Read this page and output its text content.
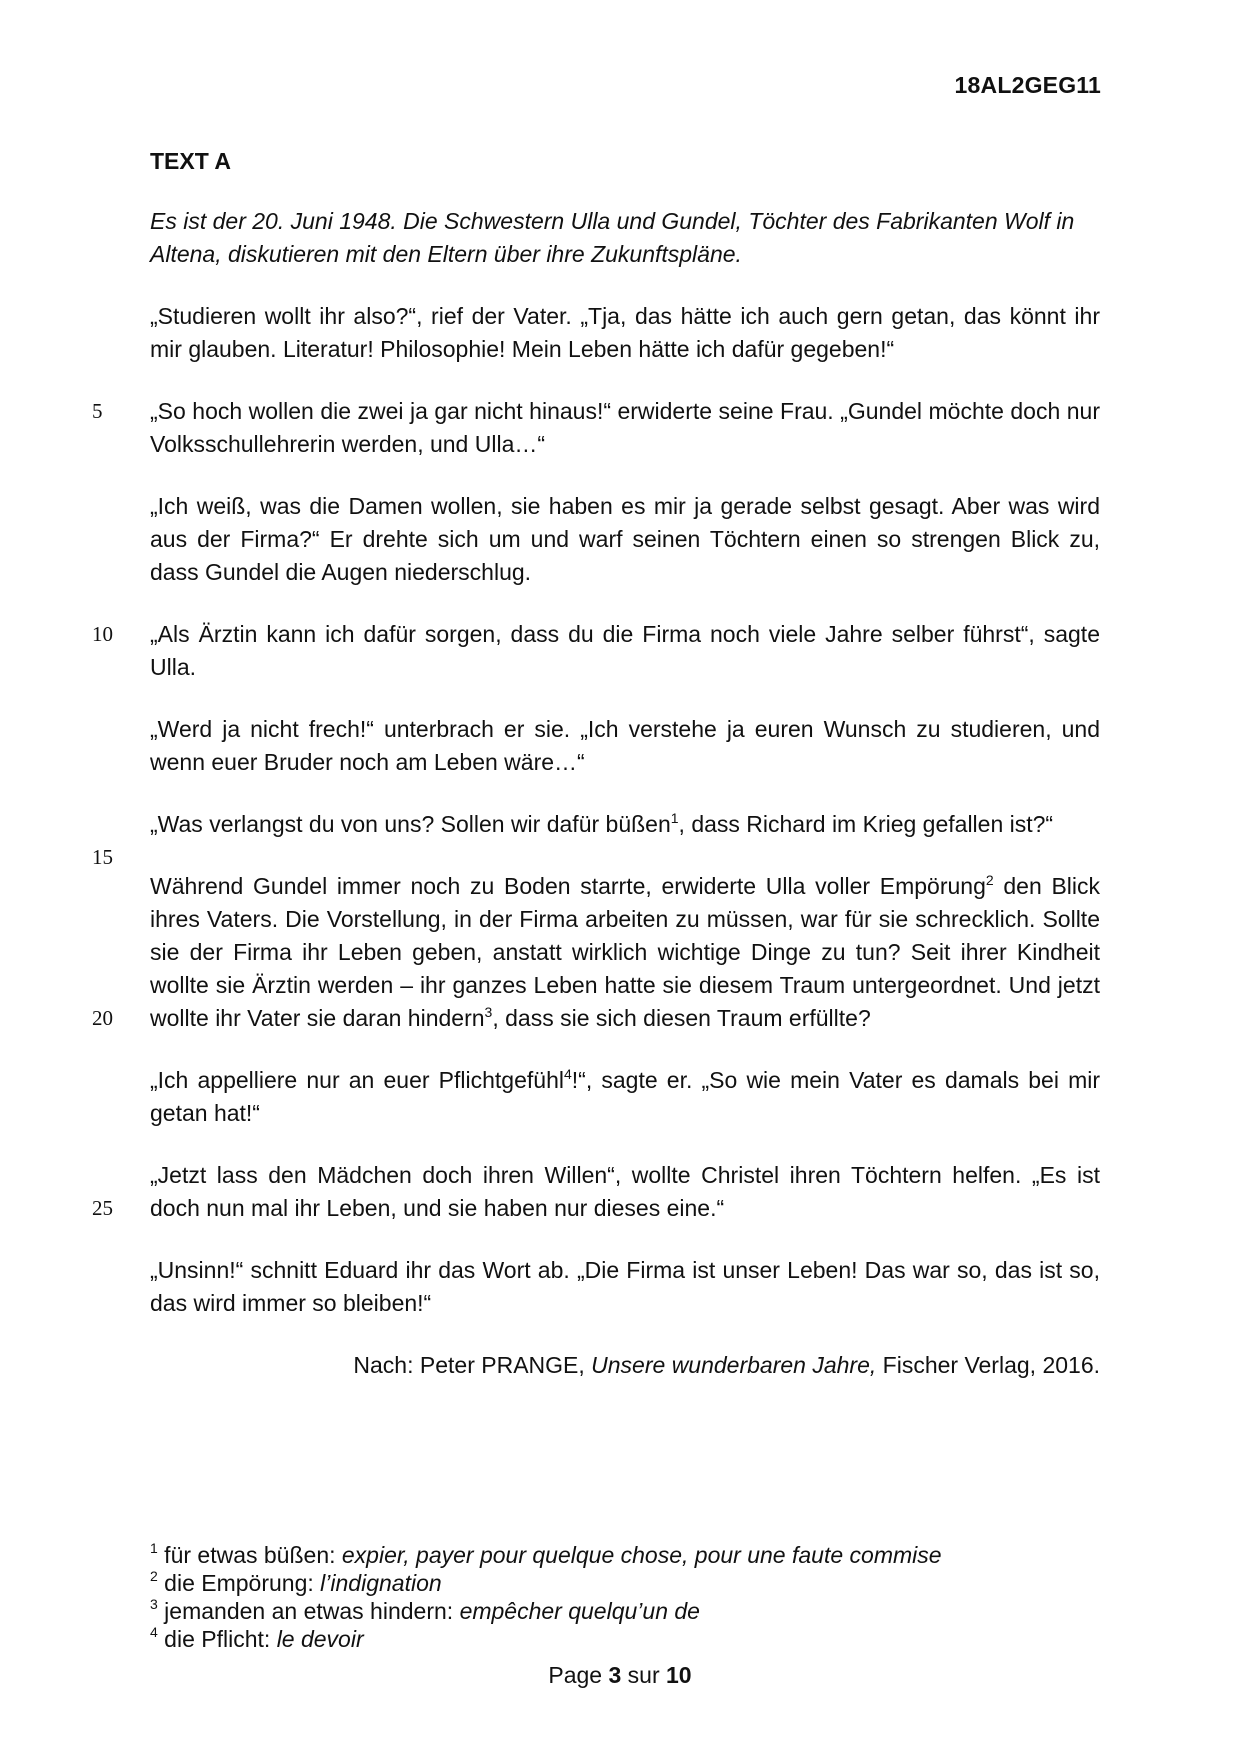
18AL2GEG11
TEXT A

Es ist der 20. Juni 1948. Die Schwestern Ulla und Gundel, Töchter des Fabrikanten Wolf in Altena, diskutieren mit den Eltern über ihre Zukunftspläne.

„Studieren wollt ihr also?“, rief der Vater. „Tja, das hätte ich auch gern getan, das könnt ihr mir glauben. Literatur! Philosophie! Mein Leben hätte ich dafür gegeben!“

5	„So hoch wollen die zwei ja gar nicht hinaus!“ erwiderte seine Frau. „Gundel möchte doch nur Volksschullehrerin werden, und Ulla…“

„Ich weiß, was die Damen wollen, sie haben es mir ja gerade selbst gesagt. Aber was wird aus der Firma?“ Er drehte sich um und warf seinen Töchtern einen so strengen Blick zu, dass Gundel die Augen niederschlug.

10	„Als Ärztin kann ich dafür sorgen, dass du die Firma noch viele Jahre selber führst“, sagte Ulla.

„Werd ja nicht frech!“ unterbrach er sie. „Ich verstehe ja euren Wunsch zu studieren, und wenn euer Bruder noch am Leben wäre…“

15
„Was verlangst du von uns? Sollen wir dafür büßen$^1$, dass Richard im Krieg gefallen ist?“

20
Während Gundel immer noch zu Boden starrte, erwiderte Ulla voller Empörung$^2$ den Blick ihres Vaters. Die Vorstellung, in der Firma arbeiten zu müssen, war für sie schrecklich. Sollte sie der Firma ihr Leben geben, anstatt wirklich wichtige Dinge zu tun? Seit ihrer Kindheit wollte sie Ärztin werden – ihr ganzes Leben hatte sie diesem Traum untergeordnet. Und jetzt wollte ihr Vater sie daran hindern$^3$, dass sie sich diesen Traum erfüllte?

„Ich appelliere nur an euer Pflichtgefühl$^4$!“, sagte er. „So wie mein Vater es damals bei mir getan hat!“

25
„Jetzt lass den Mädchen doch ihren Willen“, wollte Christel ihren Töchtern helfen. „Es ist doch nun mal ihr Leben, und sie haben nur dieses eine.“

„Unsinn!“ schnitt Eduard ihr das Wort ab. „Die Firma ist unser Leben! Das war so, das ist so, das wird immer so bleiben!“

Nach: Peter PRANGE, Unsere wunderbaren Jahre, Fischer Verlag, 2016.

$^1$ für etwas büßen: expier, payer pour quelque chose, pour une faute commise
$^2$ die Empörung: l’indignation
$^3$ jemanden an etwas hindern: empêcher quelqu’un de
$^4$ die Pflicht: le devoir
Page 3 sur 10
